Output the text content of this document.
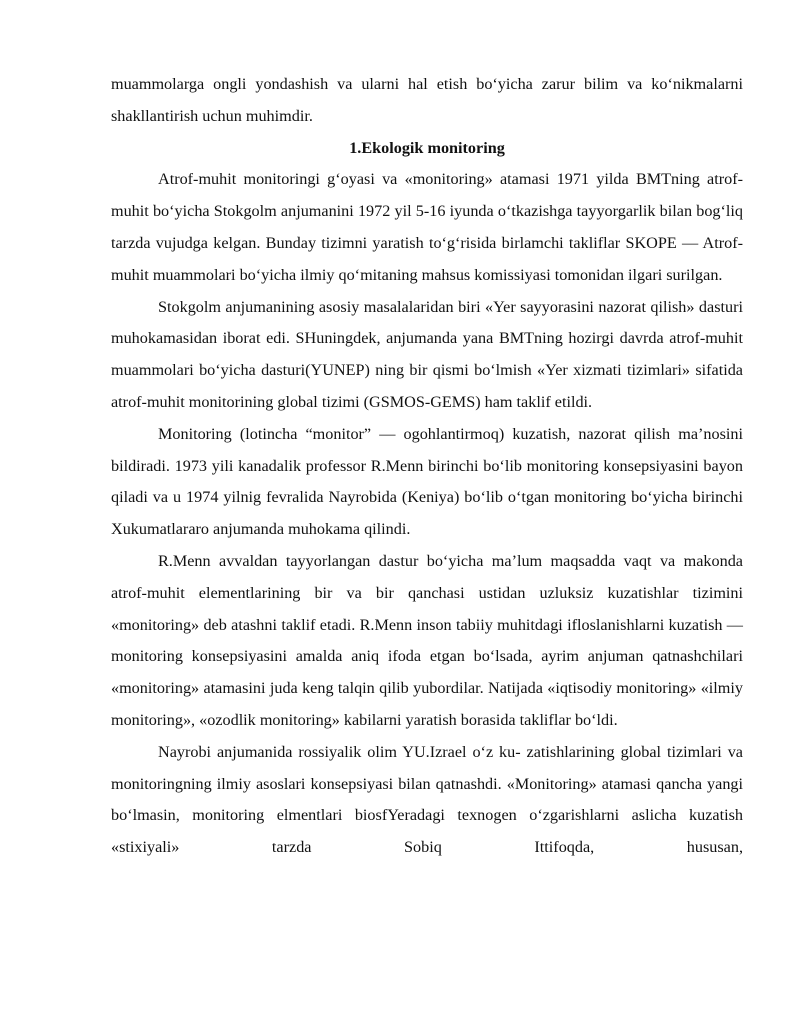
muammolarga ongli yondashish va ularni hal etish bo‘yicha zarur bilim va ko‘nikmalarni shakllantirish uchun muhimdir.

1.Ekologik monitoring

Atrof-muhit monitoringi g‘oyasi va «monitoring» atamasi 1971 yilda BMTning atrof-muhit bo‘yicha Stokgolm anjumanini 1972 yil 5-16 iyunda o‘tkazishga tayyorgarlik bilan bog‘liq tarzda vujudga kelgan. Bunday tizimni yaratish to‘g‘risida birlamchi takliflar SKOPE — Atrof-muhit muammolari bo‘yicha ilmiy qo‘mitaning mahsus komissiyasi tomonidan ilgari surilgan.

Stokgolm anjumanining asosiy masalalaridan biri «Yer sayyorasini nazorat qilish» dasturi muhokamasidan iborat edi. SHuningdek, anjumanda yana BMTning hozirgi davrda atrof-muhit muammolari bo‘yicha dasturi(YUNEP) ning bir qismi bo‘lmish «Yer xizmati tizimlari» sifatida atrof-muhit monitorining global tizimi (GSMOS-GEMS) ham taklif etildi.

Monitoring (lotincha “monitor” — ogohlantirmoq) kuzatish, nazorat qilish ma’nosini bildiradi. 1973 yili kanadalik professor R.Menn birinchi bo‘lib monitoring konsepsiyasini bayon qiladi va u 1974 yilnig fevralida Nayrobida (Keniya) bo‘lib o‘tgan monitoring bo‘yicha birinchi Xukumatlararo anjumanda muhokama qilindi.

R.Menn avvaldan tayyorlangan dastur bo‘yicha ma’lum maqsadda vaqt va makonda atrof-muhit elementlarining bir va bir qanchasi ustidan uzluksiz kuzatishlar tizimini «monitoring» deb atashni taklif etadi. R.Menn inson tabiiy muhitdagi ifloslanishlarni kuzatish — monitoring konsepsiyasini amalda aniq ifoda etgan bo‘lsada, ayrim anjuman qatnashchilari «monitoring» atamasini juda keng talqin qilib yubordilar. Natijada «iqtisodiy monitoring» «ilmiy monitoring», «ozodlik monitoring» kabilarni yaratish borasida takliflar bo‘ldi.

Nayrobi anjumanida rossiyalik olim YU.Izrael o‘z ku- zatishlarining global tizimlari va monitoringning ilmiy asoslari konsepsiyasi bilan qatnashdi. «Monitoring» atamasi qancha yangi bo‘lmasin, monitoring elmentlari biosfYeradagi texnogen o‘zgarishlarni aslicha kuzatish «stixiyali» tarzda Sobiq Ittifoqda, hususan,
